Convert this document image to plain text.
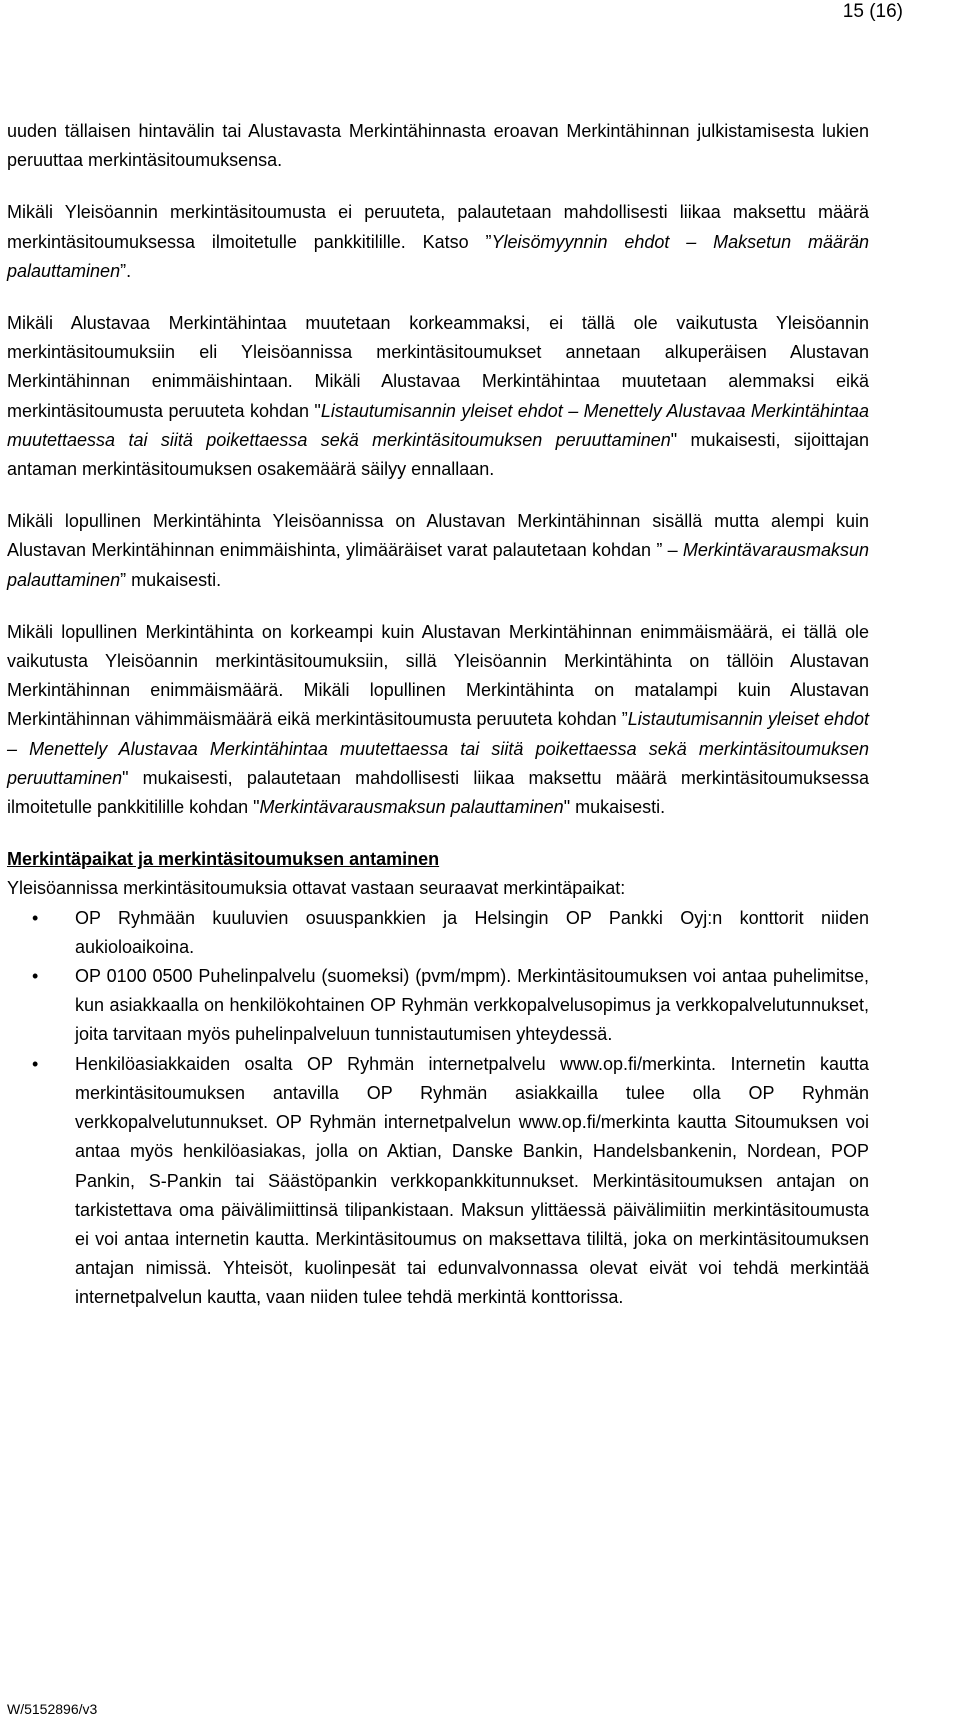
15 (16)

uuden tällaisen hintavälin tai Alustavasta Merkintähinnasta eroavan Merkintähinnan julkistamisesta lukien peruuttaa merkintäsitoumuksensa.

Mikäli Yleisöannin merkintäsitoumusta ei peruuteta, palautetaan mahdollisesti liikaa maksettu määrä merkintäsitoumuksessa ilmoitetulle pankkitilille. Katso ”Yleisömyynnin ehdot – Maksetun määrän palauttaminen”.

Mikäli Alustavaa Merkintähintaa muutetaan korkeammaksi, ei tällä ole vaikutusta Yleisöannin merkintäsitoumuksiin eli Yleisöannissa merkintäsitoumukset annetaan alkuperäisen Alustavan Merkintähinnan enimmäishintaan. Mikäli Alustavaa Merkintähintaa muutetaan alemmaksi eikä merkintäsitoumusta peruuteta kohdan "Listautumisannin yleiset ehdot – Menettely Alustavaa Merkintähintaa muutettaessa tai siitä poikettaessa sekä merkintäsitoumuksen peruuttaminen" mukaisesti, sijoittajan antaman merkintäsitoumuksen osakemäärä säilyy ennallaan.

Mikäli lopullinen Merkintähinta Yleisöannissa on Alustavan Merkintähinnan sisällä mutta alempi kuin Alustavan Merkintähinnan enimmäishinta, ylimääräiset varat palautetaan kohdan ” – Merkintävarausmaksun palauttaminen” mukaisesti.

Mikäli lopullinen Merkintähinta on korkeampi kuin Alustavan Merkintähinnan enimmäismäärä, ei tällä ole vaikutusta Yleisöannin merkintäsitoumuksiin, sillä Yleisöannin Merkintähinta on tällöin Alustavan Merkintähinnan enimmäismäärä. Mikäli lopullinen Merkintähinta on matalampi kuin Alustavan Merkintähinnan vähimmäismäärä eikä merkintäsitoumusta peruuteta kohdan ”Listautumisannin yleiset ehdot – Menettely Alustavaa Merkintähintaa muutettaessa tai siitä poikettaessa sekä merkintäsitoumuksen peruuttaminen" mukaisesti, palautetaan mahdollisesti liikaa maksettu määrä merkintäsitoumuksessa ilmoitetulle pankkitilille kohdan "Merkintävarausmaksun palauttaminen" mukaisesti.

Merkintäpaikat ja merkintäsitoumuksen antaminen

Yleisöannissa merkintäsitoumuksia ottavat vastaan seuraavat merkintäpaikat:

• OP Ryhmään kuuluvien osuuspankkien ja Helsingin OP Pankki Oyj:n konttorit niiden aukioloaikoina.
• OP 0100 0500 Puhelinpalvelu (suomeksi) (pvm/mpm). Merkintäsitoumuksen voi antaa puhelimitse, kun asiakkaalla on henkilökohtainen OP Ryhmän verkkopalvelusopimus ja verkkopalvelutunnukset, joita tarvitaan myös puhelinpalveluun tunnistautumisen yhteydessä.
• Henkilöasiakkaiden osalta OP Ryhmän internetpalvelu www.op.fi/merkinta. Internetin kautta merkintäsitoumuksen antavilla OP Ryhmän asiakkailla tulee olla OP Ryhmän verkkopalvelutunnukset. OP Ryhmän internetpalvelun www.op.fi/merkinta kautta Sitoumuksen voi antaa myös henkilöasiakas, jolla on Aktian, Danske Bankin, Handelsbankenin, Nordean, POP Pankin, S-Pankin tai Säästöpankin verkkopankkitunnukset. Merkintäsitoumuksen antajan on tarkistettava oma päivälimiittinsä tilipankistaan. Maksun ylittäessä päivälimiitin merkintäsitoumusta ei voi antaa internetin kautta. Merkintäsitoumus on maksettava tililtä, joka on merkintäsitoumuksen antajan nimissä. Yhteisöt, kuolinpesät tai edunvalvonnassa olevat eivät voi tehdä merkintää internetpalvelun kautta, vaan niiden tulee tehdä merkintä konttorissa.
W/5152896/v3
